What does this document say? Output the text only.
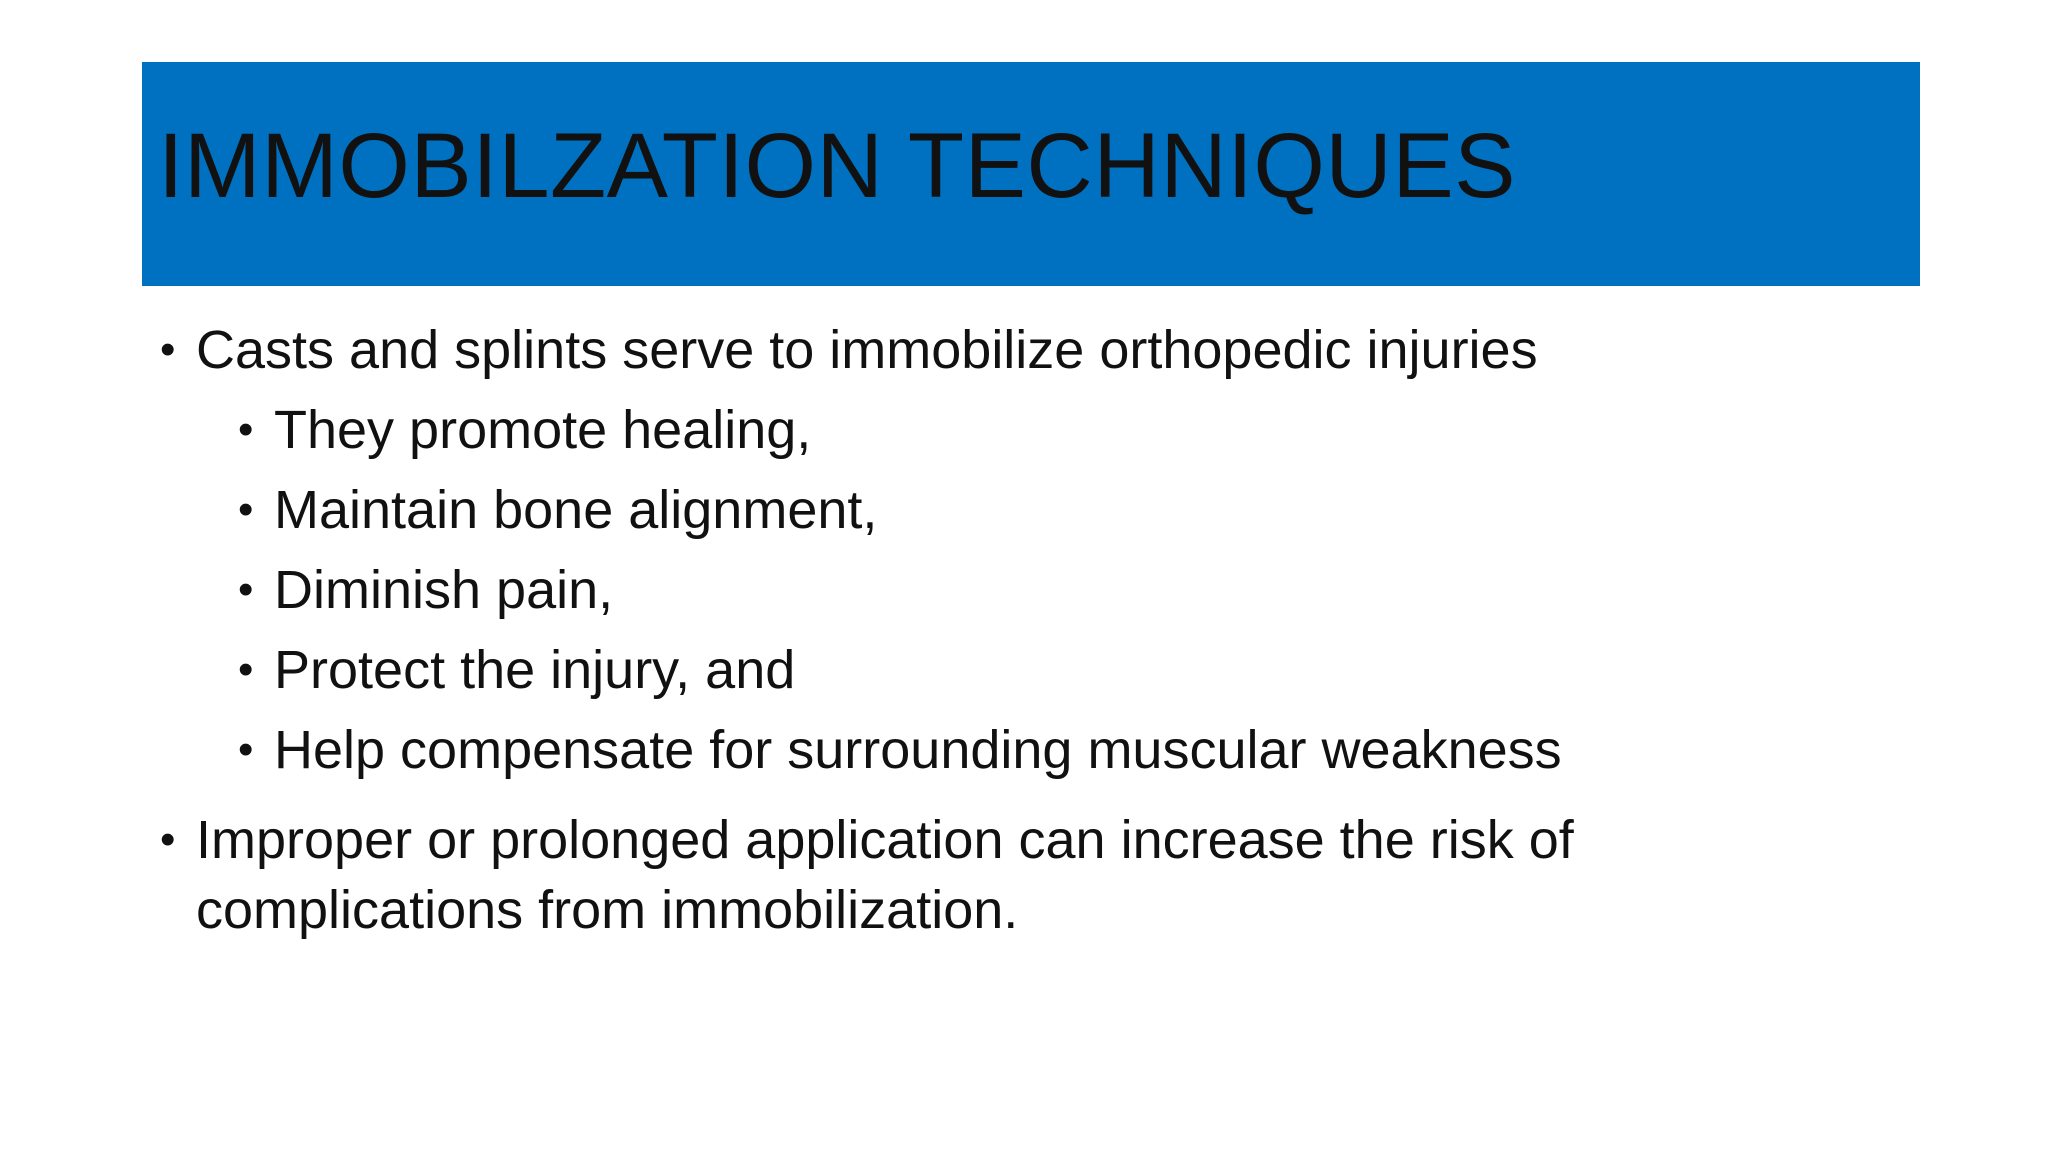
IMMOBILZATION TECHNIQUES
• Casts and splints serve to immobilize orthopedic injuries
• They promote healing,
• Maintain bone alignment,
• Diminish pain,
• Protect the injury, and
• Help compensate for surrounding muscular weakness
• Improper or prolonged application can increase the risk of
complications from immobilization.
